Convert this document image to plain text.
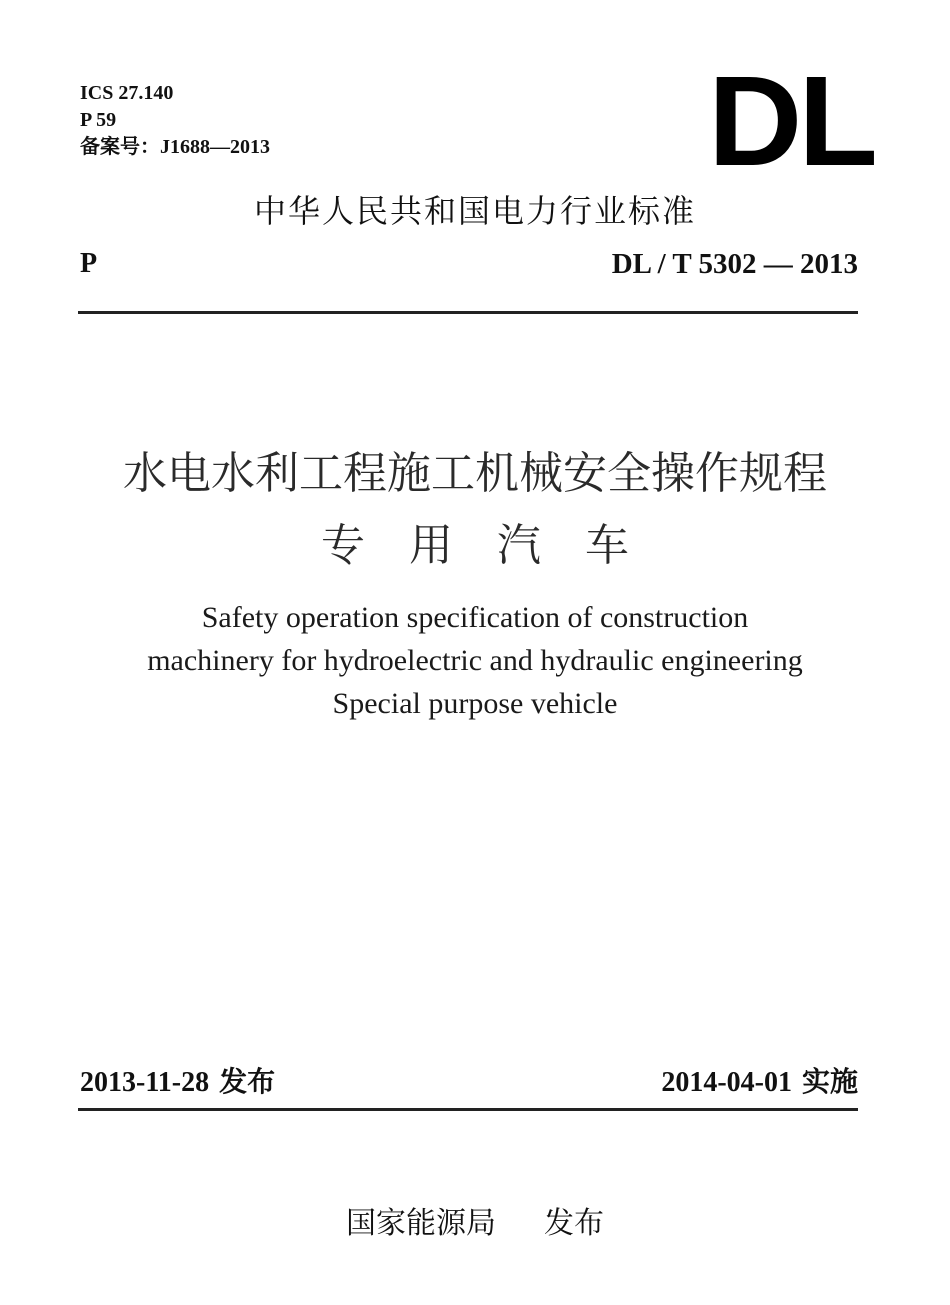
ICS 27.140
P 59
备案号：J1688—2013	DL
中华人民共和国电力行业标准
P	DL / T 5302 — 2013
水电水利工程施工机械安全操作规程
专用汽车
Safety operation specification of construction
machinery for hydroelectric and hydraulic engineering
Special purpose vehicle
2013-11-28 发布	2014-04-01 实施
国家能源局 发布
